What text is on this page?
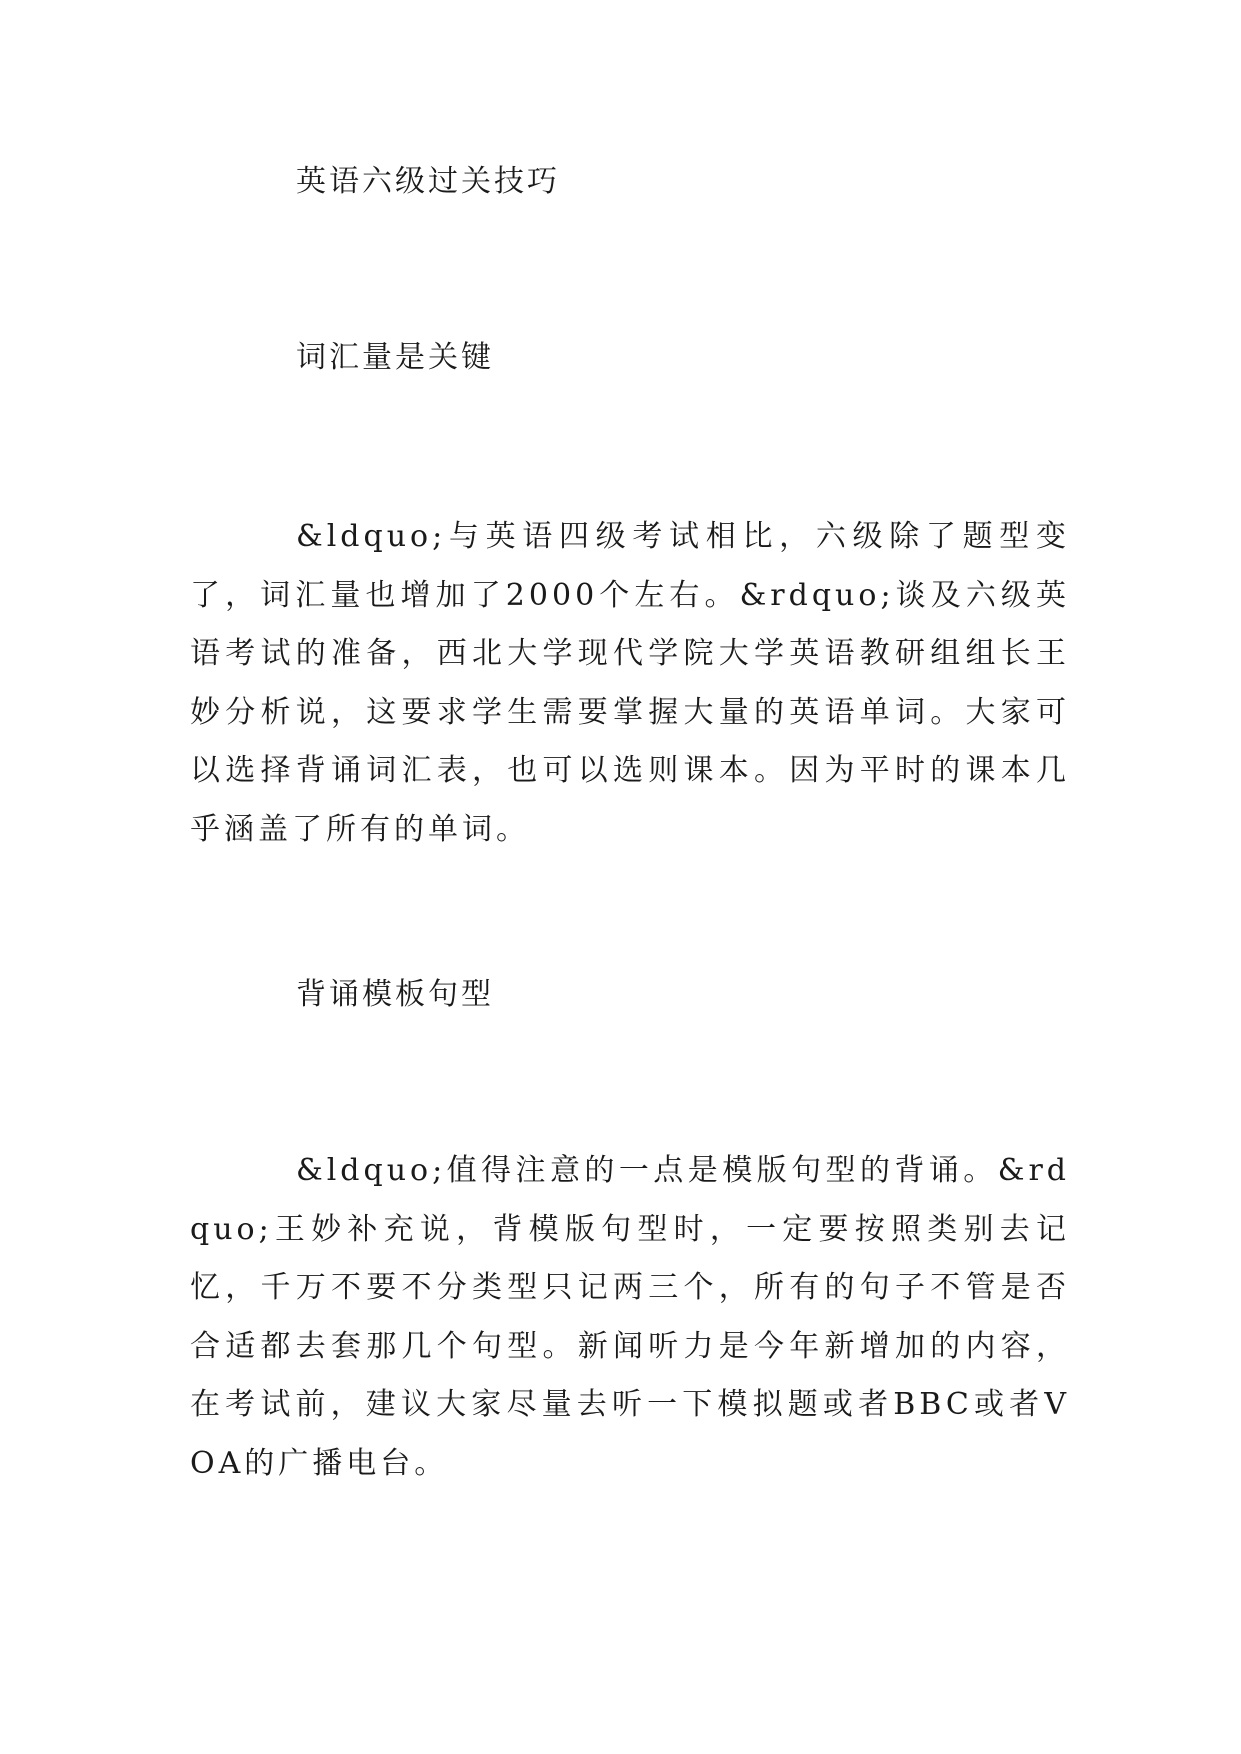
英语六级过关技巧
词汇量是关键

&ldquo;与英语四级考试相比，六级除了题型变了，词汇量也增加了2000个左右。&rdquo;谈及六级英语考试的准备，西北大学现代学院大学英语教研组组长王妙分析说，这要求学生需要掌握大量的英语单词。大家可以选择背诵词汇表，也可以选则课本。因为平时的课本几乎涵盖了所有的单词。

背诵模板句型

&ldquo;值得注意的一点是模版句型的背诵。&rdquo;王妙补充说，背模版句型时，一定要按照类别去记忆，千万不要不分类型只记两三个，所有的句子不管是否合适都去套那几个句型。新闻听力是今年新增加的内容，在考试前，建议大家尽量去听一下模拟题或者BBC或者VOA的广播电台。
